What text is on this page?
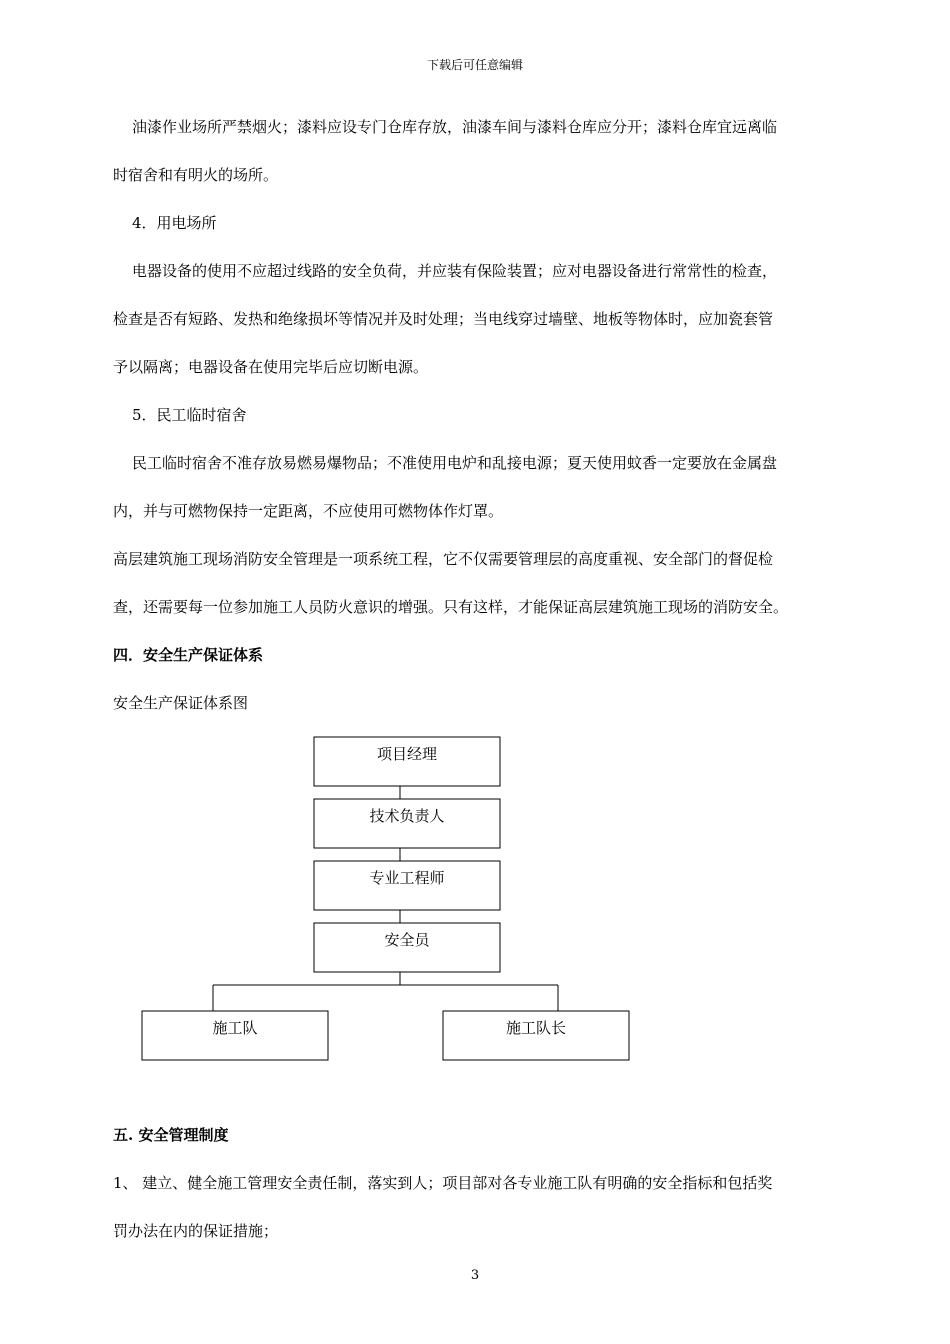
下载后可任意编辑
油漆作业场所严禁烟火；漆料应设专门仓库存放，油漆车间与漆料仓库应分开；漆料仓库宜远离临
时宿舍和有明火的场所。
4．用电场所
电器设备的使用不应超过线路的安全负荷，并应装有保险装置；应对电器设备进行常常性的检查，
检查是否有短路、发热和绝缘损坏等情况并及时处理；当电线穿过墙壁、地板等物体时，应加瓷套管
予以隔离；电器设备在使用完毕后应切断电源。
5．民工临时宿舍
民工临时宿舍不准存放易燃易爆物品；不准使用电炉和乱接电源；夏天使用蚊香一定要放在金属盘
内，并与可燃物保持一定距离，不应使用可燃物体作灯罩。
高层建筑施工现场消防安全管理是一项系统工程，它不仅需要管理层的高度重视、安全部门的督促检
查，还需要每一位参加施工人员防火意识的增强。只有这样，才能保证高层建筑施工现场的消防安全。
四．安全生产保证体系
安全生产保证体系图
项目经理
技术负责人
专业工程师
安全员
施工队	施工队长
五. 安全管理制度
1、 建立、健全施工管理安全责任制，落实到人；项目部对各专业施工队有明确的安全指标和包括奖
罚办法在内的保证措施；
3
